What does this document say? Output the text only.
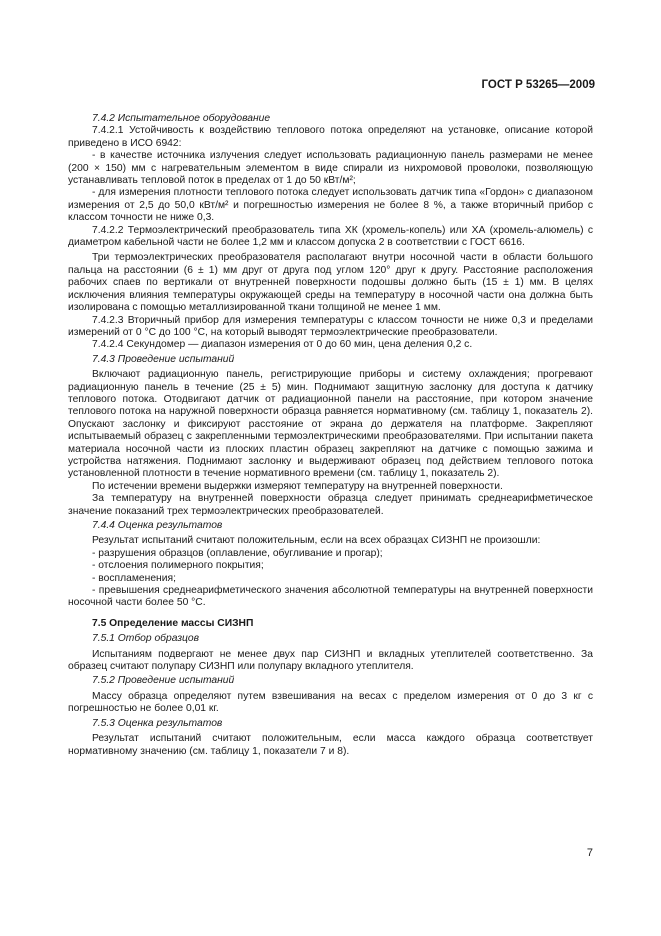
ГОСТ Р 53265—2009

7.4.2 Испытательное оборудование

7.4.2.1 Устойчивость к воздействию теплового потока определяют на установке, описание которой приведено в ИСО 6942:

- в качестве источника излучения следует использовать радиационную панель размерами не менее (200 × 150) мм с нагревательным элементом в виде спирали из нихромовой проволоки, позволяющую устанавливать тепловой поток в пределах от 1 до 50 кВт/м²;

- для измерения плотности теплового потока следует использовать датчик типа «Гордон» с диапазоном измерения от 2,5 до 50,0 кВт/м² и погрешностью измерения не более 8 %, а также вторичный прибор с классом точности не ниже 0,3.

7.4.2.2 Термоэлектрический преобразователь типа ХК (хромель-копель) или ХА (хромель-алюмель) с диаметром кабельной части не более 1,2 мм и классом допуска 2 в соответствии с ГОСТ 6616.

Три термоэлектрических преобразователя располагают внутри носочной части в области большого пальца на расстоянии (6 ± 1) мм друг от друга под углом 120° друг к другу. Расстояние расположения рабочих спаев по вертикали от внутренней поверхности подошвы должно быть (15 ± 1) мм. В целях исключения влияния температуры окружающей среды на температуру в носочной части она должна быть изолирована с помощью металлизированной ткани толщиной не менее 1 мм.

7.4.2.3 Вторичный прибор для измерения температуры с классом точности не ниже 0,3 и пределами измерений от 0 °С до 100 °С, на который выводят термоэлектрические преобразователи.

7.4.2.4 Секундомер — диапазон измерения от 0 до 60 мин, цена деления 0,2 с.

7.4.3 Проведение испытаний

Включают радиационную панель, регистрирующие приборы и систему охлаждения; прогревают радиационную панель в течение (25 ± 5) мин. Поднимают защитную заслонку для доступа к датчику теплового потока. Отодвигают датчик от радиационной панели на расстояние, при котором значение теплового потока на наружной поверхности образца равняется нормативному (см. таблицу 1, показатель 2). Опускают заслонку и фиксируют расстояние от экрана до держателя на платформе. Закрепляют испытываемый образец с закрепленными термоэлектрическими преобразователями. При испытании пакета материала носочной части из плоских пластин образец закрепляют на датчике с помощью зажима и устройства натяжения. Поднимают заслонку и выдерживают образец под действием теплового потока установленной плотности в течение нормативного времени (см. таблицу 1, показатель 2).

По истечении времени выдержки измеряют температуру на внутренней поверхности.

За температуру на внутренней поверхности образца следует принимать среднеарифметическое значение показаний трех термоэлектрических преобразователей.

7.4.4 Оценка результатов

Результат испытаний считают положительным, если на всех образцах СИЗНП не произошли:

- разрушения образцов (оплавление, обугливание и прогар);

- отслоения полимерного покрытия;

- воспламенения;

- превышения среднеарифметического значения абсолютной температуры на внутренней поверхности носочной части более 50 °С.

7.5 Определение массы СИЗНП

7.5.1 Отбор образцов

Испытаниям подвергают не менее двух пар СИЗНП и вкладных утеплителей соответственно. За образец считают полупару СИЗНП или полупару вкладного утеплителя.

7.5.2 Проведение испытаний

Массу образца определяют путем взвешивания на весах с пределом измерения от 0 до 3 кг с погрешностью не более 0,01 кг.

7.5.3 Оценка результатов

Результат испытаний считают положительным, если масса каждого образца соответствует нормативному значению (см. таблицу 1, показатели 7 и 8).

7
